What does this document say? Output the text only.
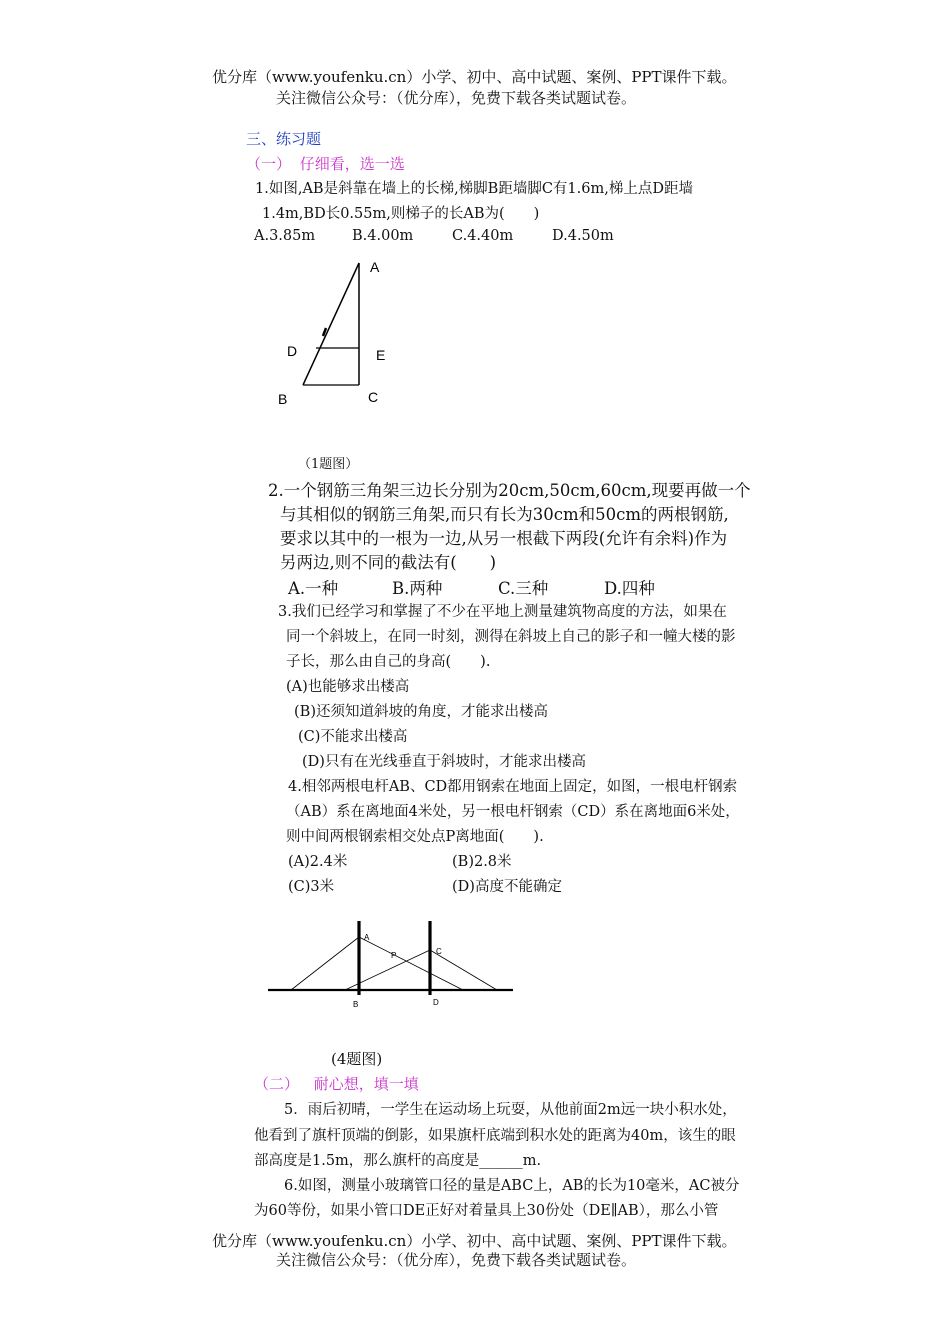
优分库（www.youfenku.cn）小学、初中、高中试题、案例、PPT课件下载。
关注微信公众号：（优分库），免费下载各类试题试卷。
三、练习题
（一） 仔细看，选一选
1.如图,AB是斜靠在墙上的长梯,梯脚B距墙脚C有1.6m,梯上点D距墙
1.4m,BD长0.55m,则梯子的长AB为(　　)
A.3.85m	B.4.00m	C.4.40m	D.4.50m
A
D	E
B	C
（1题图）
2.一个钢筋三角架三边长分别为20cm,50cm,60cm,现要再做一个
与其相似的钢筋三角架,而只有长为30cm和50cm的两根钢筋,
要求以其中的一根为一边,从另一根截下两段(允许有余料)作为
另两边,则不同的截法有(　　)
A.一种	B.两种	C.三种	D.四种
3.我们已经学习和掌握了不少在平地上测量建筑物高度的方法，如果在
同一个斜坡上，在同一时刻，测得在斜坡上自己的影子和一幢大楼的影
子长，那么由自己的身高(　　).
(A)也能够求出楼高
(B)还须知道斜坡的角度，才能求出楼高
(C)不能求出楼高
(D)只有在光线垂直于斜坡时，才能求出楼高
4.相邻两根电杆AB、CD都用钢索在地面上固定，如图，一根电杆钢索
（AB）系在离地面4米处，另一根电杆钢索（CD）系在离地面6米处，
则中间两根钢索相交处点P离地面(　　).
(A)2.4米	(B)2.8米
(C)3米	(D)高度不能确定
A
P	C
B	D
(4题图)
（二） 耐心想，填一填
5．雨后初晴，一学生在运动场上玩耍，从他前面2m远一块小积水处，
他看到了旗杆顶端的倒影，如果旗杆底端到积水处的距离为40m，该生的眼
部高度是1.5m，那么旗杆的高度是______m.
6.如图，测量小玻璃管口径的量是ABC上，AB的长为10毫米，AC被分
为60等份，如果小管口DE正好对着量具上30份处（DE∥AB），那么小管
优分库（www.youfenku.cn）小学、初中、高中试题、案例、PPT课件下载。
关注微信公众号：（优分库），免费下载各类试题试卷。
